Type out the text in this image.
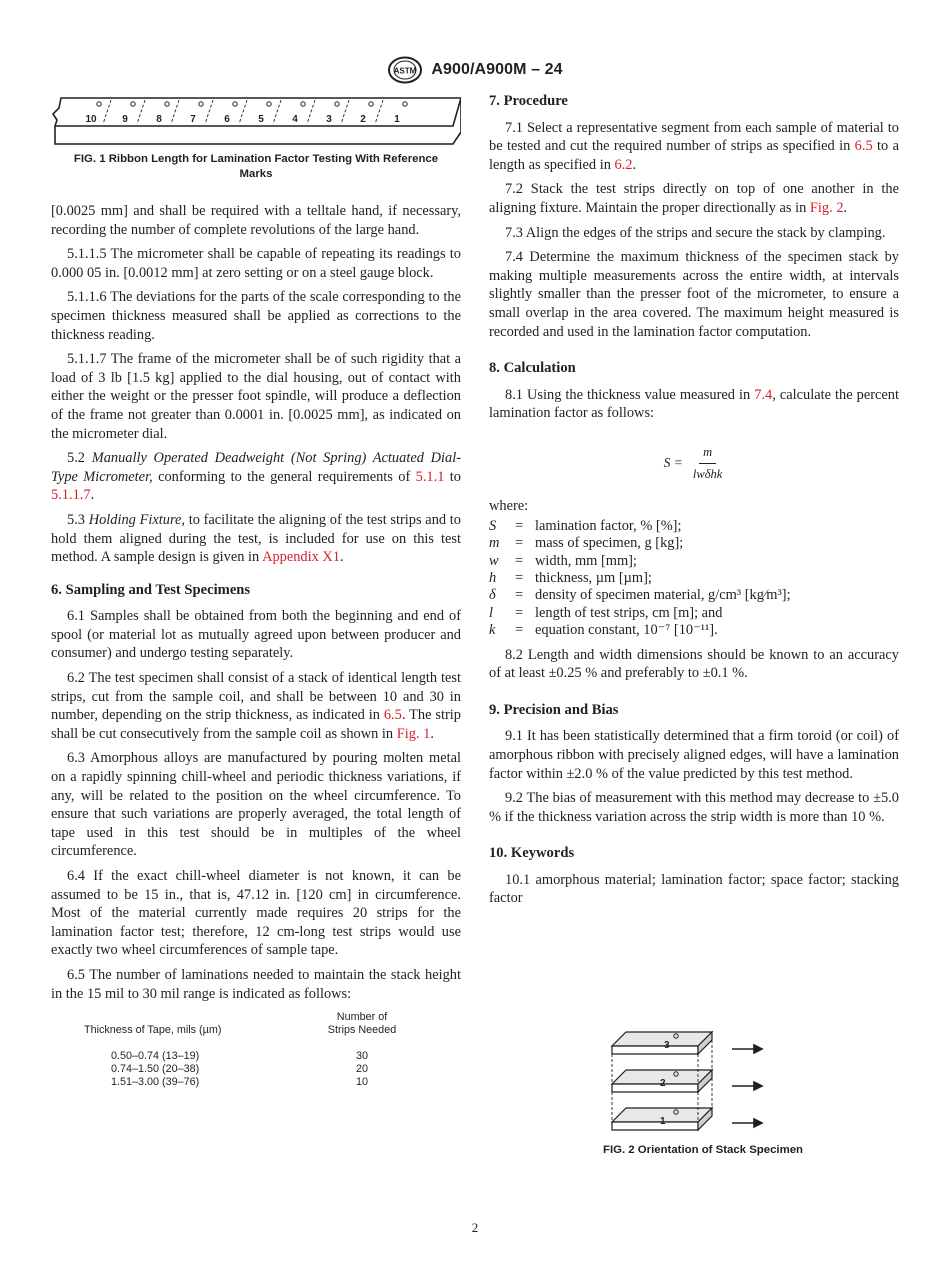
ASTM A900/A900M – 24
10	9	8	7	6	5	4	3	2	1
FIG. 1 Ribbon Length for Lamination Factor Testing With Reference Marks

[0.0025 mm] and shall be required with a telltale hand, if necessary, recording the number of complete revolutions of the large hand.

5.1.1.5 The micrometer shall be capable of repeating its readings to 0.000 05 in. [0.0012 mm] at zero setting or on a steel gauge block.

5.1.1.6 The deviations for the parts of the scale corresponding to the specimen thickness measured shall be applied as corrections to the thickness reading.

5.1.1.7 The frame of the micrometer shall be of such rigidity that a load of 3 lb [1.5 kg] applied to the dial housing, out of contact with either the weight or the presser foot spindle, will produce a deflection of the frame not greater than 0.0001 in. [0.0025 mm], as indicated on the micrometer dial.

5.2 Manually Operated Deadweight (Not Spring) Actuated Dial-Type Micrometer, conforming to the general requirements of 5.1.1 to 5.1.1.7.

5.3 Holding Fixture, to facilitate the aligning of the test strips and to hold them aligned during the test, is included for use on this test method. A sample design is given in Appendix X1.

6. Sampling and Test Specimens

6.1 Samples shall be obtained from both the beginning and end of spool (or material lot as mutually agreed upon between producer and consumer) and undergo testing separately.

6.2 The test specimen shall consist of a stack of identical length test strips, cut from the sample coil, and shall be between 10 and 30 in number, depending on the strip thickness, as indicated in 6.5. The strip shall be cut consecutively from the sample coil as shown in Fig. 1.

6.3 Amorphous alloys are manufactured by pouring molten metal on a rapidly spinning chill-wheel and periodic thickness variations, if any, will be related to the position on the wheel circumference. To ensure that such variations are properly averaged, the total length of tape used in this test should be in multiples of the wheel circumference.

6.4 If the exact chill-wheel diameter is not known, it can be assumed to be 15 in., that is, 47.12 in. [120 cm] in circumference. Most of the material currently made requires 20 strips for the lamination factor test; therefore, 12 cm-long test strips would use exactly two wheel circumferences of sample tape.

6.5 The number of laminations needed to maintain the stack height in the 15 mil to 30 mil range is indicated as follows:

Thickness of Tape, mils (µm)
Number of
Strips Needed
0.50–0.74 (13–19)	30
0.74–1.50 (20–38)	20
1.51–3.00 (39–76)	10
7. Procedure

7.1 Select a representative segment from each sample of material to be tested and cut the required number of strips as specified in 6.5 to a length as specified in 6.2.

7.2 Stack the test strips directly on top of one another in the aligning fixture. Maintain the proper directionally as in Fig. 2.

7.3 Align the edges of the strips and secure the stack by clamping.

7.4 Determine the maximum thickness of the specimen stack by making multiple measurements across the entire width, at intervals slightly smaller than the presser foot of the micrometer, to ensure a small overlap in the area covered. The maximum height measured is recorded and used in the lamination factor computation.

8. Calculation

8.1 Using the thickness value measured in 7.4, calculate the percent lamination factor as follows:

$S = \frac{m}{\text{lwδhk}}$

where:

S	= lamination factor, % [%];
m	= mass of specimen, g [kg];
w	= width, mm [mm];
h	= thickness, µm [µm];
δ	= density of specimen material, g/cm³ [kg⁄m³];
l	= length of test strips, cm [m]; and
k	= equation constant, 10⁻⁷ [10⁻¹¹].

8.2 Length and width dimensions should be known to an accuracy of at least ±0.25 % and preferably to ±0.1 %.

9. Precision and Bias

9.1 It has been statistically determined that a firm toroid (or coil) of amorphous ribbon with precisely aligned edges, will have a lamination factor within ±2.0 % of the value predicted by this test method.

9.2 The bias of measurement with this method may decrease to ±5.0 % if the thickness variation across the strip width is more than 10 %.

10. Keywords

10.1 amorphous material; lamination factor; space factor; stacking factor

3
2
1
FIG. 2 Orientation of Stack Specimen
2
